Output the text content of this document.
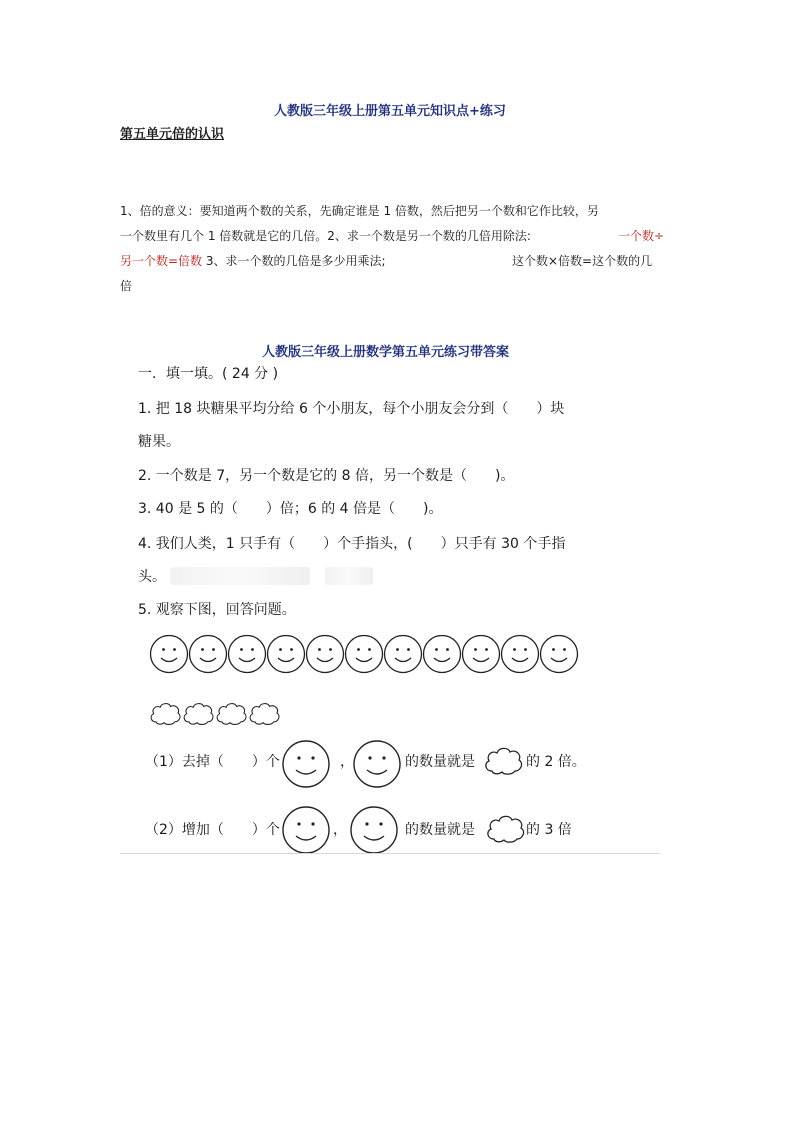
人教版三年级上册第五单元知识点+练习
第五单元倍的认识
1、倍的意义：要知道两个数的关系，先确定谁是 1 倍数，然后把另一个数和它作比较，另
一个数里有几个 1 倍数就是它的几倍。2、求一个数是另一个数的几倍用除法:	一个数÷
另一个数=倍数 3、求一个数的几倍是多少用乘法;	这个数×倍数=这个数的几
倍
人教版三年级上册数学第五单元练习带答案
一．填一填。( 24 分 )
1. 把 18 块糖果平均分给 6 个小朋友，每个小朋友会分到（　　）块
糖果。
2. 一个数是 7，另一个数是它的 8 倍，另一个数是（　　)。
3. 40 是 5 的（　　）倍；6 的 4 倍是（　　)。
4. 我们人类，1 只手有（　　）个手指头，(　　）只手有 30 个手指
头。
5. 观察下图，回答问题。
（1）去掉（　　）个	，	的数量就是	的 2 倍。
（2）增加（　　）个	，	的数量就是	的 3 倍
